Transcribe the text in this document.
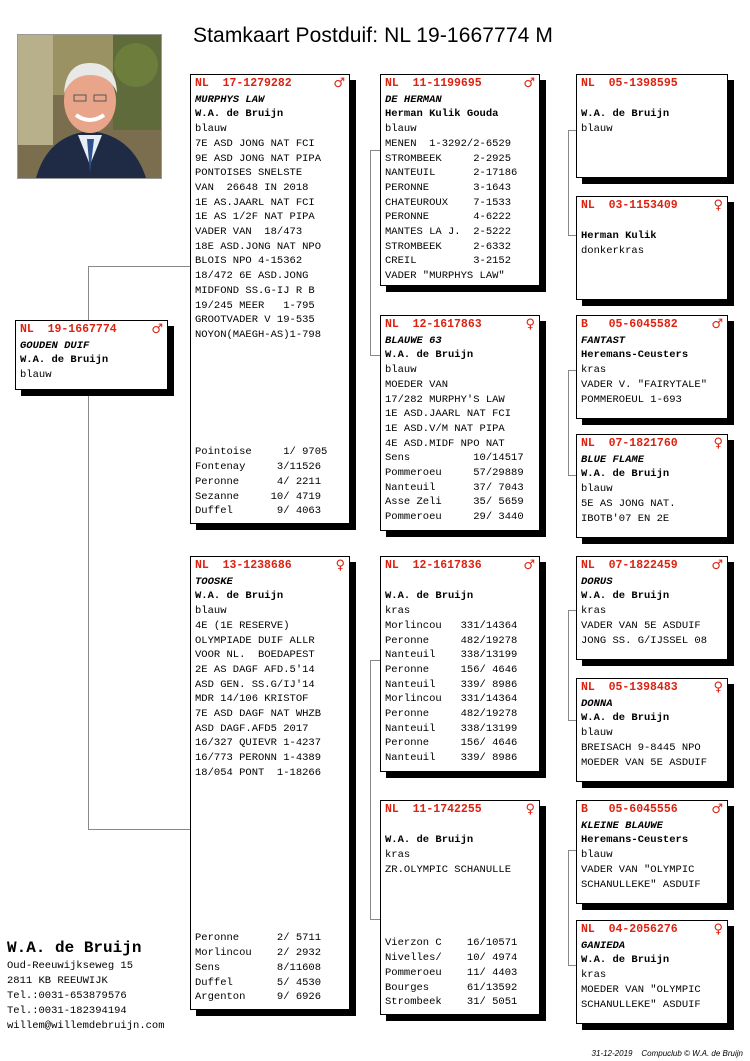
Stamkaart Postduif: NL 19-1667774 M
NL  19-1667774	♂
GOUDEN DUIF
W.A. de Bruijn
blauw
NL  17-1279282	♂
MURPHYS LAW
W.A. de Bruijn
blauw
7E ASD JONG NAT FCI
9E ASD JONG NAT PIPA
PONTOISES SNELSTE
VAN  26648 IN 2018
1E AS.JAARL NAT FCI
1E AS 1/2F NAT PIPA
VADER VAN  18/473
18E ASD.JONG NAT NPO
BLOIS NPO 4-15362
18/472 6E ASD.JONG
MIDFOND SS.G-IJ R B
19/245 MEER   1-795
GROOTVADER V 19-535
NOYON(MAEGH-AS)1-798
Pointoise     1/ 9705
Fontenay     3/11526
Peronne      4/ 2211
Sezanne     10/ 4719
Duffel       9/ 4063
NL  13-1238686	♀
TOOSKE
W.A. de Bruijn
blauw
4E (1E RESERVE)
OLYMPIADE DUIF ALLR
VOOR NL.  BOEDAPEST
2E AS DAGF AFD.5'14
ASD GEN. SS.G/IJ'14
MDR 14/106 KRISTOF
7E ASD DAGF NAT WHZB
ASD DAGF.AFD5 2017
16/327 QUIEVR 1-4237
16/773 PERONN 1-4389
18/054 PONT  1-18266
Peronne      2/ 5711
Morlincou    2/ 2932
Sens         8/11608
Duffel       5/ 4530
Argenton     9/ 6926
NL  11-1199695	♂
DE HERMAN
Herman Kulik Gouda
blauw
MENEN  1-3292/2-6529
STROMBEEK     2-2925
NANTEUIL      2-17186
PERONNE       3-1643
CHATEUROUX    7-1533
PERONNE       4-6222
MANTES LA J.  2-5222
STROMBEEK     2-6332
CREIL         3-2152
VADER "MURPHYS LAW"
NL  12-1617863	♀
BLAUWE 63
W.A. de Bruijn
blauw
MOEDER VAN
17/282 MURPHY'S LAW
1E ASD.JAARL NAT FCI
1E ASD.V/M NAT PIPA
4E ASD.MIDF NPO NAT
Sens          10/14517
Pommeroeu     57/29889
Nanteuil      37/ 7043
Asse Zeli     35/ 5659
Pommeroeu     29/ 3440
NL  12-1617836	♂
W.A. de Bruijn
kras
Morlincou   331/14364
Peronne     482/19278
Nanteuil    338/13199
Peronne     156/ 4646
Nanteuil    339/ 8986
Morlincou   331/14364
Peronne     482/19278
Nanteuil    338/13199
Peronne     156/ 4646
Nanteuil    339/ 8986
NL  11-1742255	♀
W.A. de Bruijn
kras
ZR.OLYMPIC SCHANULLE
Vierzon C    16/10571
Nivelles/    10/ 4974
Pommeroeu    11/ 4403
Bourges      61/13592
Strombeek    31/ 5051
NL  05-1398595
W.A. de Bruijn
blauw
NL  03-1153409	♀
Herman Kulik
donkerkras
B   05-6045582	♂
FANTAST
Heremans-Ceusters
kras
VADER V. "FAIRYTALE"
POMMEROEUL 1-693
NL  07-1821760	♀
BLUE FLAME
W.A. de Bruijn
blauw
5E AS JONG NAT.
IBOTB'07 EN 2E
NL  07-1822459	♂
DORUS
W.A. de Bruijn
kras
VADER VAN 5E ASDUIF
JONG SS. G/IJSSEL 08
NL  05-1398483	♀
DONNA
W.A. de Bruijn
blauw
BREISACH 9-8445 NPO
MOEDER VAN 5E ASDUIF
B   05-6045556	♂
KLEINE BLAUWE
Heremans-Ceusters
blauw
VADER VAN "OLYMPIC
SCHANULLEKE" ASDUIF
NL  04-2056276	♀
GANIEDA
W.A. de Bruijn
kras
MOEDER VAN "OLYMPIC
SCHANULLEKE" ASDUIF
W.A. de Bruijn
Oud-Reeuwijkseweg 15
2811 KB REEUWIJK
Tel.:0031-653879576
Tel.:0031-182394194
willem@willemdebruijn.com
31-12-2019    Compuclub © W.A. de Bruijn
